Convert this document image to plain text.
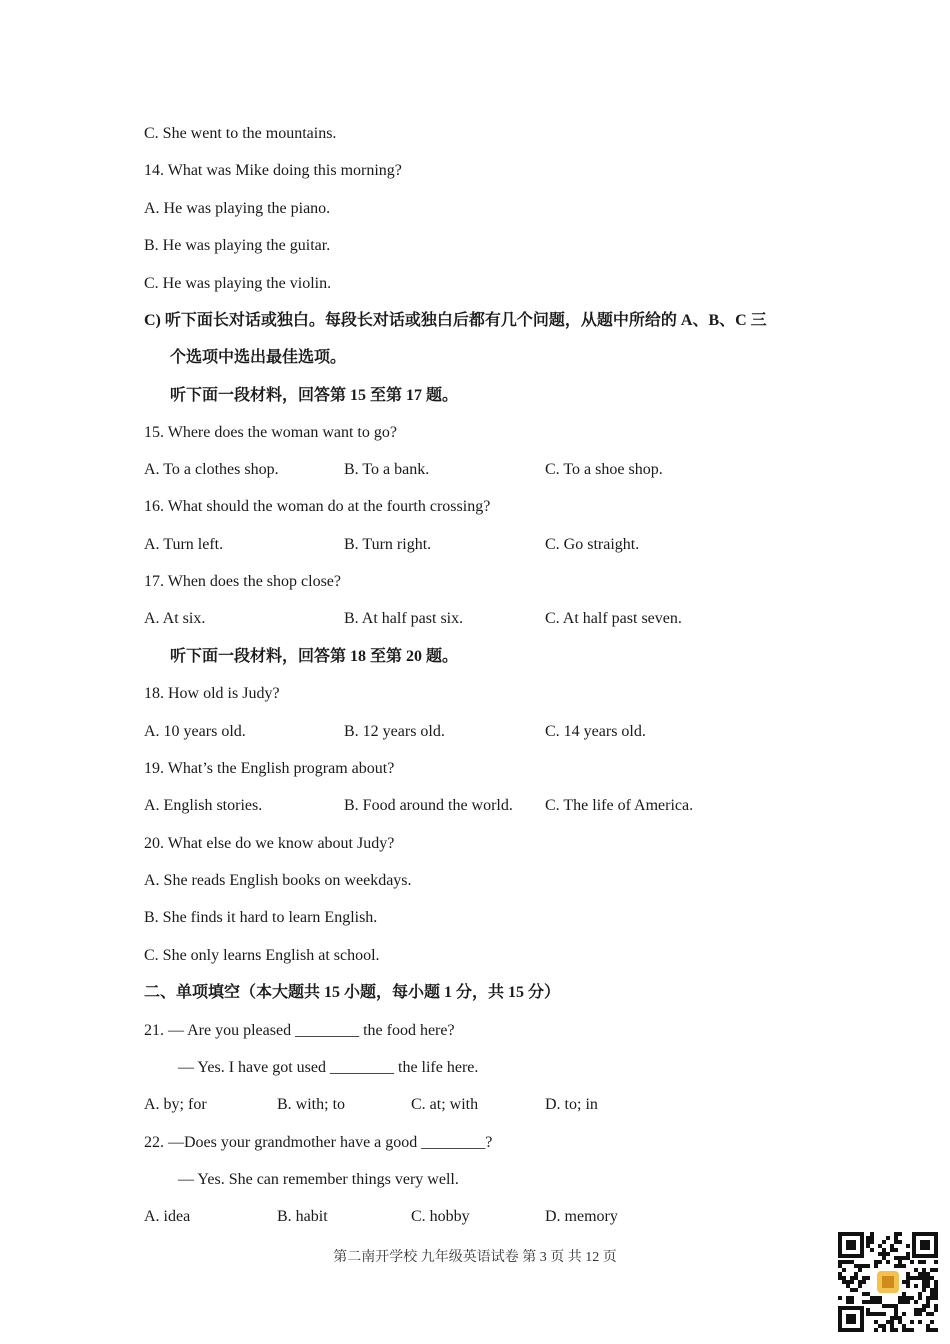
C. She went to the mountains.
14. What was Mike doing this morning?
A. He was playing the piano.
B. He was playing the guitar.
C. He was playing the violin.
C) 听下面长对话或独白。每段长对话或独白后都有几个问题，从题中所给的 A、B、C 三
个选项中选出最佳选项。
听下面一段材料，回答第 15 至第 17 题。
15. Where does the woman want to go?
A. To a clothes shop.	B. To a bank.	C. To a shoe shop.
16. What should the woman do at the fourth crossing?
A. Turn left.	B. Turn right.	C. Go straight.
17. When does the shop close?
A. At six.	B. At half past six.	C. At half past seven.
听下面一段材料，回答第 18 至第 20 题。
18. How old is Judy?
A. 10 years old.	B. 12 years old.	C. 14 years old.
19. What’s the English program about?
A. English stories.	B. Food around the world. C. The life of America.
20. What else do we know about Judy?
A. She reads English books on weekdays.
B. She finds it hard to learn English.
C. She only learns English at school.
二、单项填空（本大题共 15 小题，每小题 1 分，共 15 分）
21. — Are you pleased ________ the food here?
— Yes. I have got used ________ the life here.
A. by; for	B. with; to	C. at; with	D. to; in
22. —Does your grandmother have a good ________?
— Yes. She can remember things very well.
A. idea	B. habit	C. hobby	D. memory
第二南开学校 九年级英语试卷 第 3 页 共 12 页
